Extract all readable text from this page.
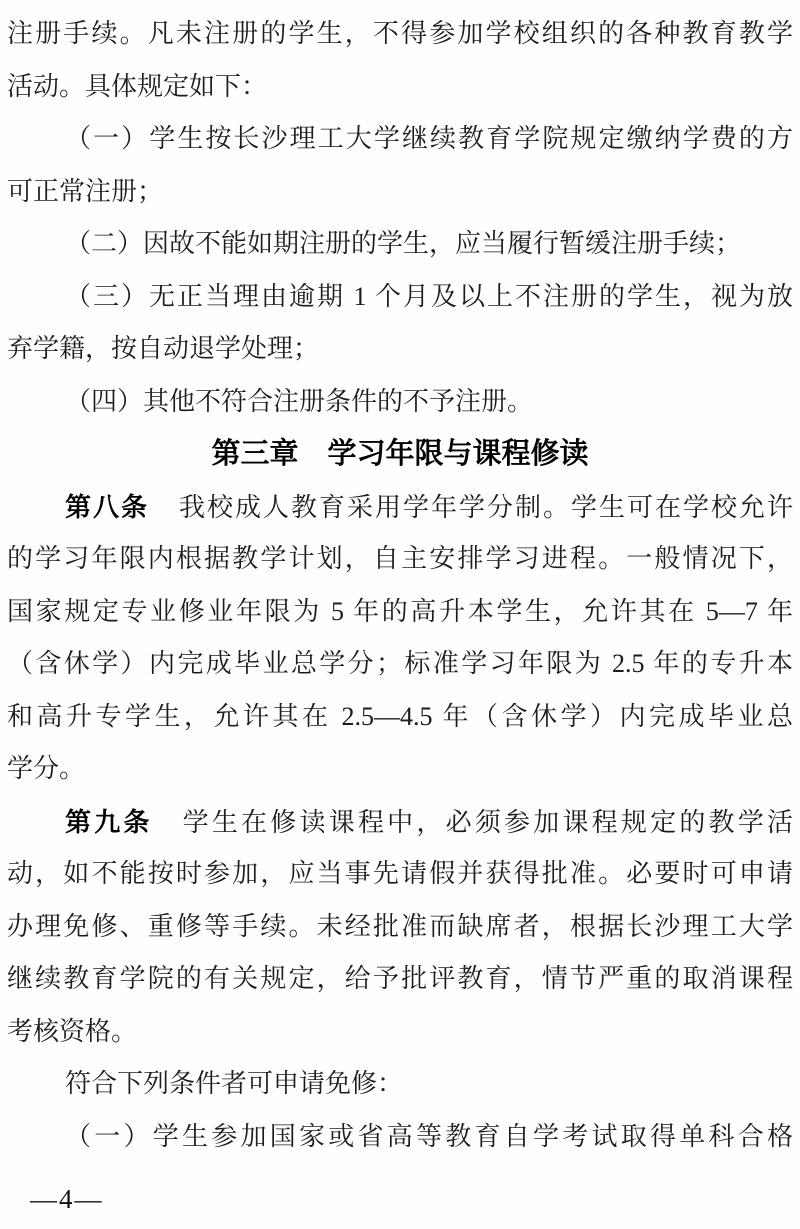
注册手续。凡未注册的学生，不得参加学校组织的各种教育教学
活动。具体规定如下：
（一）学生按长沙理工大学继续教育学院规定缴纳学费的方
可正常注册；
（二）因故不能如期注册的学生，应当履行暂缓注册手续；
（三）无正当理由逾期 1 个月及以上不注册的学生，视为放
弃学籍，按自动退学处理；
（四）其他不符合注册条件的不予注册。
第三章　学习年限与课程修读
第八条 我校成人教育采用学年学分制。学生可在学校允许
的学习年限内根据教学计划，自主安排学习进程。一般情况下，
国家规定专业修业年限为 5 年的高升本学生，允许其在 5—7 年
（含休学）内完成毕业总学分；标准学习年限为 2.5 年的专升本
和高升专学生，允许其在 2.5—4.5 年（含休学）内完成毕业总
学分。
第九条 学生在修读课程中，必须参加课程规定的教学活
动，如不能按时参加，应当事先请假并获得批准。必要时可申请
办理免修、重修等手续。未经批准而缺席者，根据长沙理工大学
继续教育学院的有关规定，给予批评教育，情节严重的取消课程
考核资格。
符合下列条件者可申请免修：
（一）学生参加国家或省高等教育自学考试取得单科合格
—4—
